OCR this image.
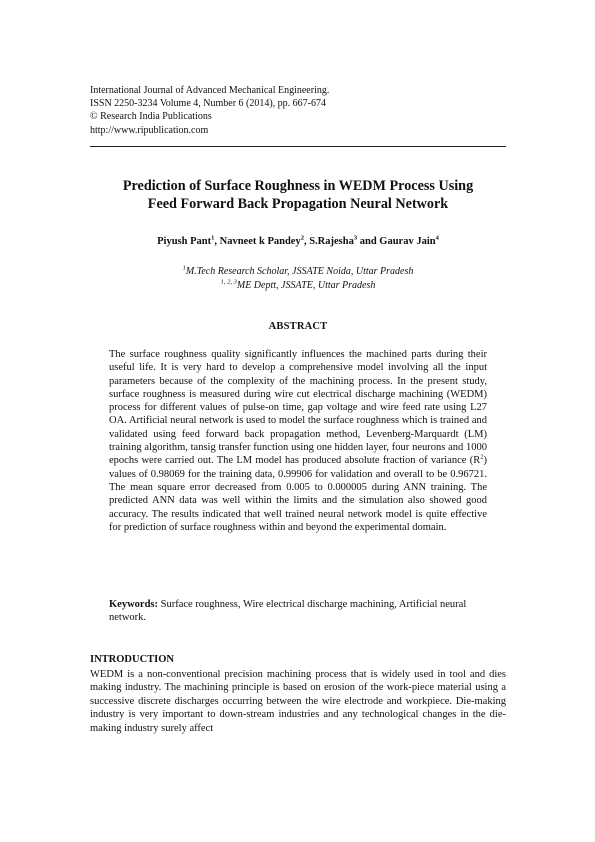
International Journal of Advanced Mechanical Engineering.
ISSN 2250-3234 Volume 4, Number 6 (2014), pp. 667-674
© Research India Publications
http://www.ripublication.com
Prediction of Surface Roughness in WEDM Process Using
Feed Forward Back Propagation Neural Network
Piyush Pant$^1$, Navneet k Pandey$^2$, S.Rajesha$^3$ and Gaurav Jain$^4$
$^1$M.Tech Research Scholar, JSSATE Noida, Uttar Pradesh
$^{1, 2, 3}$ME Deptt, JSSATE, Uttar Pradesh
ABSTRACT
The surface roughness quality significantly influences the machined parts during their useful life. It is very hard to develop a comprehensive model involving all the input parameters because of the complexity of the machining process. In the present study, surface roughness is measured during wire cut electrical discharge machining (WEDM) process for different values of pulse-on time, gap voltage and wire feed rate using L27 OA. Artificial neural network is used to model the surface roughness which is trained and validated using feed forward back propagation method, Levenberg-Marquardt (LM) training algorithm, tansig transfer function using one hidden layer, four neurons and 1000 epochs were carried out. The LM model has produced absolute fraction of variance $(R^2)$ values of 0.98069 for the training data, 0.99906 for validation and overall to be 0.96721. The mean square error decreased from 0.005 to 0.000005 during ANN training. The predicted ANN data was well within the limits and the simulation also showed good accuracy. The results indicated that well trained neural network model is quite effective for prediction of surface roughness within and beyond the experimental domain.
Keywords: Surface roughness, Wire electrical discharge machining, Artificial neural network.
INTRODUCTION
WEDM is a non-conventional precision machining process that is widely used in tool and dies making industry. The machining principle is based on erosion of the work-piece material using a successive discrete discharges occurring between the wire electrode and workpiece. Die-making industry is very important to down-stream industries and any technological changes in the die-making industry surely affect
